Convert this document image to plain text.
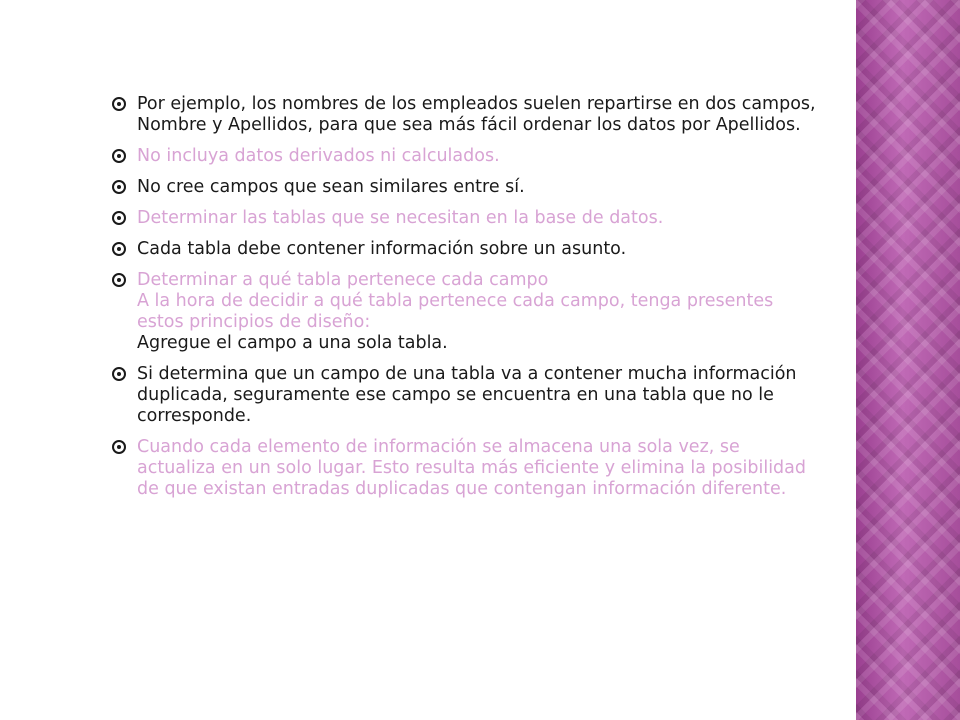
Por ejemplo, los nombres de los empleados suelen repartirse en dos campos,
Nombre y Apellidos, para que sea más fácil ordenar los datos por Apellidos.
No incluya datos derivados ni calculados.
No cree campos que sean similares entre sí.
Determinar las tablas que se necesitan en la base de datos.
Cada tabla debe contener información sobre un asunto.
Determinar a qué tabla pertenece cada campo
A la hora de decidir a qué tabla pertenece cada campo, tenga presentes
estos principios de diseño:
Agregue el campo a una sola tabla.
Si determina que un campo de una tabla va a contener mucha información
duplicada, seguramente ese campo se encuentra en una tabla que no le
corresponde.
Cuando cada elemento de información se almacena una sola vez, se
actualiza en un solo lugar. Esto resulta más eficiente y elimina la posibilidad
de que existan entradas duplicadas que contengan información diferente.
